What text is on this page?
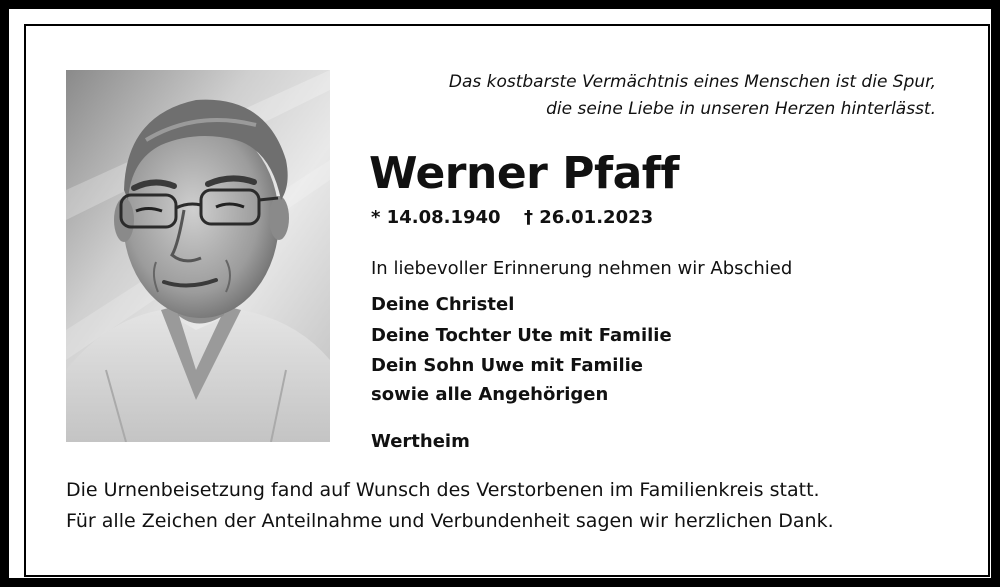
Das kostbarste Vermächtnis eines Menschen ist die Spur,
die seine Liebe in unseren Herzen hinterlässt.
Werner Pfaff
* 14.08.1940 † 26.01.2023
In liebevoller Erinnerung nehmen wir Abschied
Deine Christel
Deine Tochter Ute mit Familie
Dein Sohn Uwe mit Familie
sowie alle Angehörigen
Wertheim
Die Urnenbeisetzung fand auf Wunsch des Verstorbenen im Familienkreis statt.
Für alle Zeichen der Anteilnahme und Verbundenheit sagen wir herzlichen Dank.
